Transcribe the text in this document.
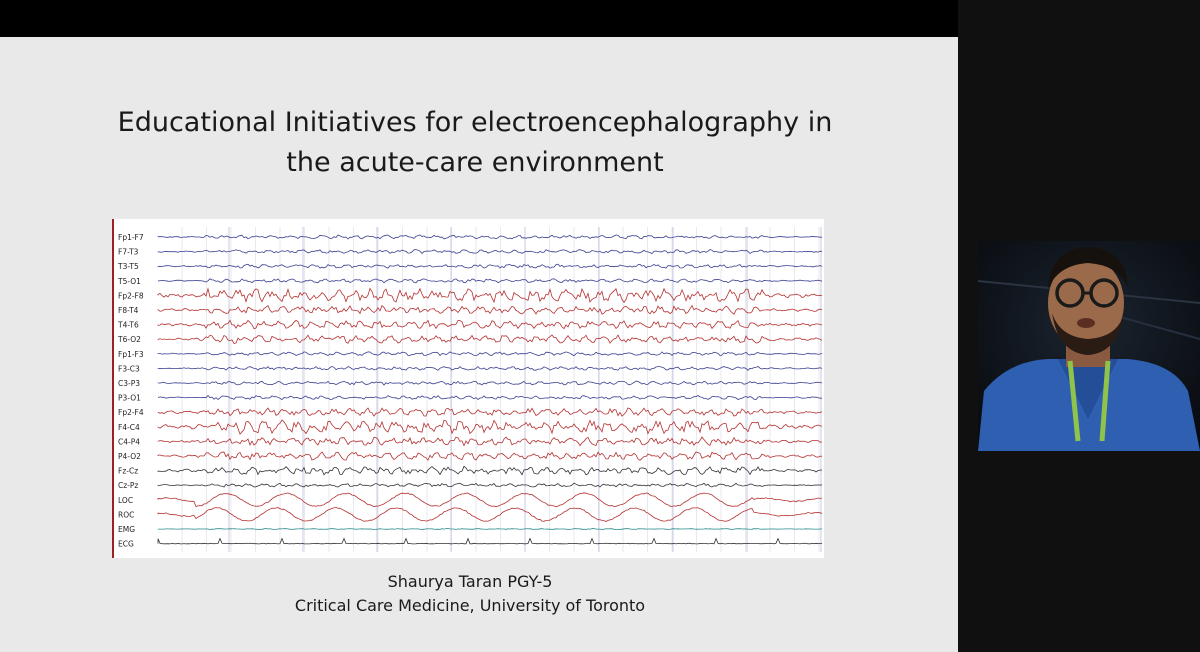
Educational Initiatives for electroencephalography in
the acute-care environment
Fp1-F7
F7-T3
T3-T5
T5-O1
Fp2-F8
F8-T4
T4-T6
T6-O2
Fp1-F3
F3-C3
C3-P3
P3-O1
Fp2-F4
F4-C4
C4-P4
P4-O2
Fz-Cz
Cz-Pz
LOC
ROC
EMG
ECG
Shaurya Taran PGY-5
Critical Care Medicine, University of Toronto
